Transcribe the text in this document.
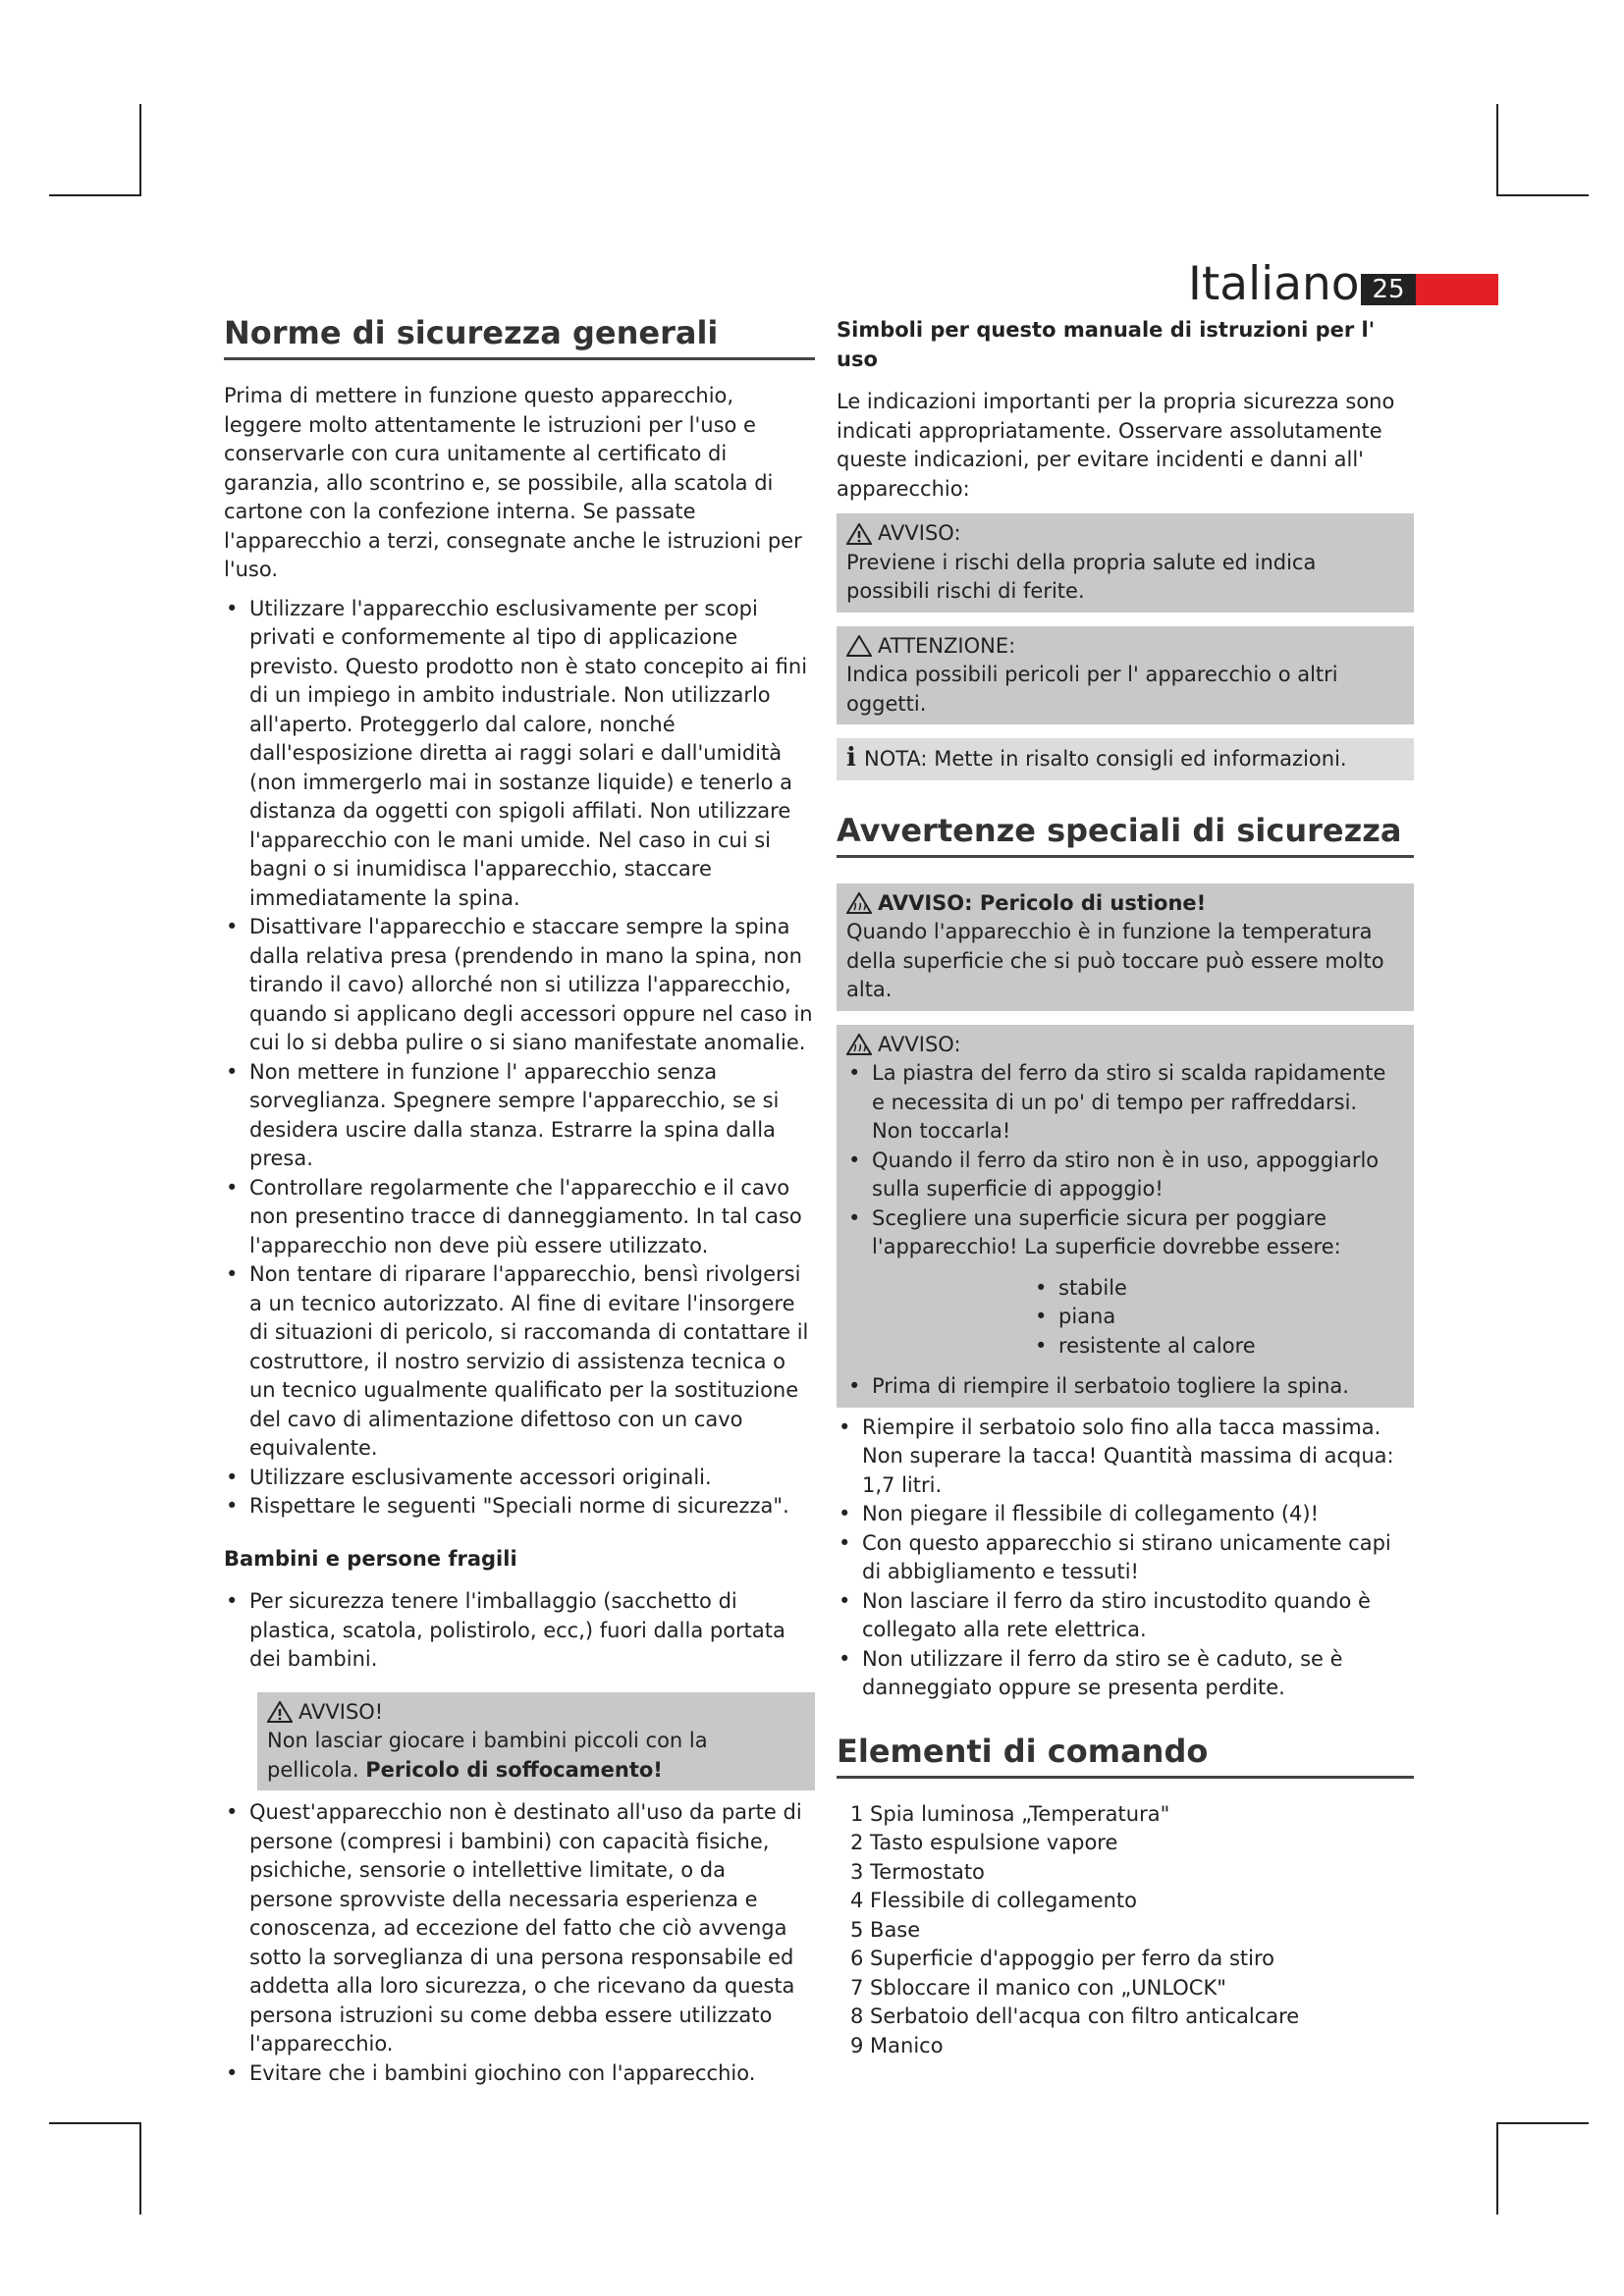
Italiano 25
Norme di sicurezza generali

Prima di mettere in funzione questo apparecchio, leggere molto attentamente le istruzioni per l'uso e conservarle con cura unitamente al certificato di garanzia, allo scontrino e, se possibile, alla scatola di cartone con la confezione interna. Se passate l'apparecchio a terzi, consegnate anche le istruzioni per l'uso.

• Utilizzare l'apparecchio esclusivamente per scopi privati e conformemente al tipo di applicazione previsto. Questo prodotto non è stato concepito ai fini di un impiego in ambito industriale. Non utilizzarlo all'aperto. Proteggerlo dal calore, nonché dall'esposizione diretta ai raggi solari e dall'umidità (non immergerlo mai in sostanze liquide) e tenerlo a distanza da oggetti con spigoli affilati. Non utilizzare l'apparecchio con le mani umide. Nel caso in cui si bagni o si inumidisca l'apparecchio, staccare immediatamente la spina.
• Disattivare l'apparecchio e staccare sempre la spina dalla relativa presa (prendendo in mano la spina, non tirando il cavo) allorché non si utilizza l'apparecchio, quando si applicano degli accessori oppure nel caso in cui lo si debba pulire o si siano manifestate anomalie.
• Non mettere in funzione l' apparecchio senza sorveglianza. Spegnere sempre l'apparecchio, se si desidera uscire dalla stanza. Estrarre la spina dalla presa.
• Controllare regolarmente che l'apparecchio e il cavo non presentino tracce di danneggiamento. In tal caso l'apparecchio non deve più essere utilizzato.
• Non tentare di riparare l'apparecchio, bensì rivolgersi a un tecnico autorizzato. Al fine di evitare l'insorgere di situazioni di pericolo, si raccomanda di contattare il costruttore, il nostro servizio di assistenza tecnica o un tecnico ugualmente qualificato per la sostituzione del cavo di alimentazione difettoso con un cavo equivalente.
• Utilizzare esclusivamente accessori originali.
• Rispettare le seguenti "Speciali norme di sicurezza".

Bambini e persone fragili

• Per sicurezza tenere l'imballaggio (sacchetto di plastica, scatola, polistirolo, ecc,) fuori dalla portata dei bambini.
AVVISO!
Non lasciar giocare i bambini piccoli con la pellicola. Pericolo di soffocamento!
• Quest'apparecchio non è destinato all'uso da parte di persone (compresi i bambini) con capacità fisiche, psichiche, sensorie o intellettive limitate, o da persone sprovviste della necessaria esperienza e conoscenza, ad eccezione del fatto che ciò avvenga sotto la sorveglianza di una persona responsabile ed addetta alla loro sicurezza, o che ricevano da questa persona istruzioni su come debba essere utilizzato l'apparecchio.
• Evitare che i bambini giochino con l'apparecchio.

Simboli per questo manuale di istruzioni per l' uso

Le indicazioni importanti per la propria sicurezza sono indicati appropriatamente. Osservare assolutamente queste indicazioni, per evitare incidenti e danni all' apparecchio:

AVVISO:
Previene i rischi della propria salute ed indica possibili rischi di ferite.
ATTENZIONE:
Indica possibili pericoli per l' apparecchio o altri oggetti.
i NOTA: Mette in risalto consigli ed informazioni.
Avvertenze speciali di sicurezza
AVVISO: Pericolo di ustione!
Quando l'apparecchio è in funzione la temperatura della superficie che si può toccare può essere molto alta.
AVVISO:
• La piastra del ferro da stiro si scalda rapidamente e necessita di un po' di tempo per raffreddarsi. Non toccarla!
• Quando il ferro da stiro non è in uso, appoggiarlo sulla superficie di appoggio!
• Scegliere una superficie sicura per poggiare l'apparecchio! La superficie dovrebbe essere:
• stabile
• piana
• resistente al calore
• Prima di riempire il serbatoio togliere la spina.
• Riempire il serbatoio solo fino alla tacca massima. Non superare la tacca! Quantità massima di acqua: 1,7 litri.
• Non piegare il flessibile di collegamento (4)!
• Con questo apparecchio si stirano unicamente capi di abbigliamento e tessuti!
• Non lasciare il ferro da stiro incustodito quando è collegato alla rete elettrica.
• Non utilizzare il ferro da stiro se è caduto, se è danneggiato oppure se presenta perdite.
Elementi di comando
1 Spia luminosa „Temperatura"
2 Tasto espulsione vapore
3 Termostato
4 Flessibile di collegamento
5 Base
6 Superficie d'appoggio per ferro da stiro
7 Sbloccare il manico con „UNLOCK"
8 Serbatoio dell'acqua con filtro anticalcare
9 Manico
